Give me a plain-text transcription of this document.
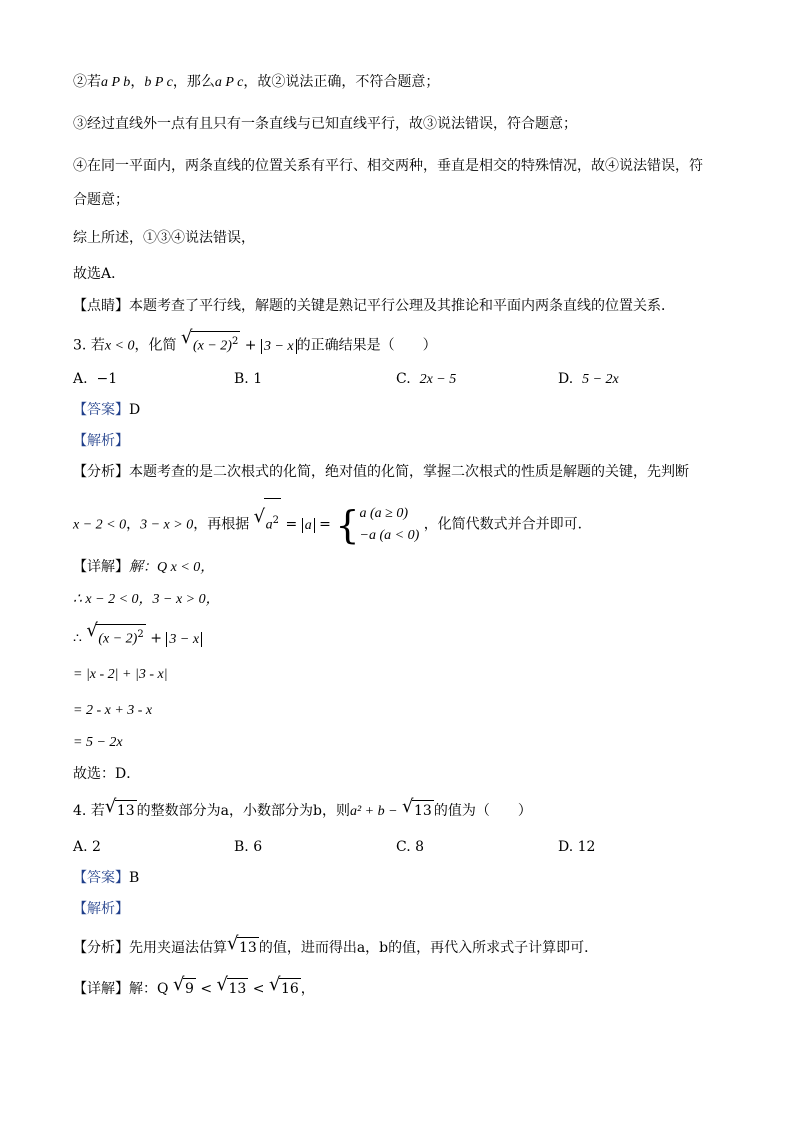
②若a P b，b P c，那么a P c，故②说法正确，不符合题意；
③经过直线外一点有且只有一条直线与已知直线平行，故③说法错误，符合题意；
④在同一平面内，两条直线的位置关系有平行、相交两种，垂直是相交的特殊情况，故④说法错误，符
合题意；
综上所述，①③④说法错误，
故选A．
【点睛】本题考查了平行线，解题的关键是熟记平行公理及其推论和平面内两条直线的位置关系．
3. 若x < 0，化简 √ $(x - 2)^2 + 3 - x$ 的正确结果是（　　）
A. −1	B. 1	C. 2x − 5	D. 5 − 2x
【答案】D
【解析】
【分析】本题考查的是二次根式的化简，绝对值的化简，掌握二次根式的性质是解题的关键，先判断
x − 2 < 0，3 − x > 0，再根据 √ $a^2 = a = \{a$ (a ≥ 0)
−a (a < 0) ，化简代数式并合并即可．
【详解】解：Q x < 0，
∴ x − 2 < 0，3 − x > 0，
∴ √ $(x - 2)^2 + 3 - x$
= |x - 2| + |3 - x|
= 2 - x + 3 - x
= 5 − 2x
故选：D．
4. 若 √ 13 的整数部分为a，小数部分为b，则a² + b − √ 13 的值为（　　）
A. 2	B. 6	C. 8	D. 12
【答案】B
【解析】
【分析】先用夹逼法估算 √ 13 的值，进而得出a，b的值，再代入所求式子计算即可．
【详解】解：Q √ 9 < √ 13 < √ 16 ，
